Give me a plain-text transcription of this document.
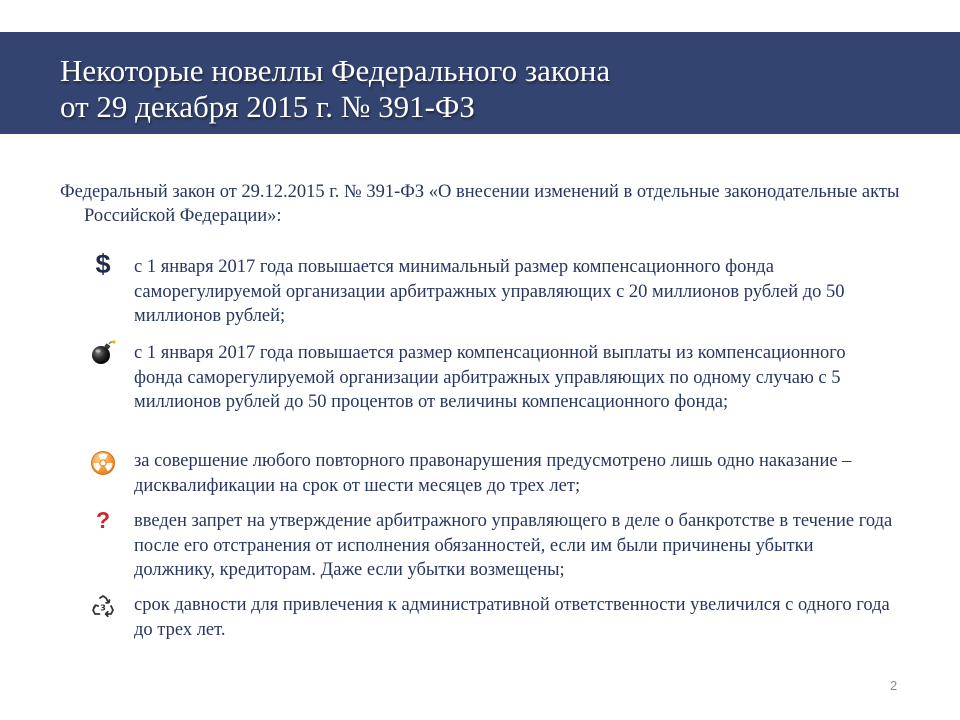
Некоторые новеллы Федерального закона
от 29 декабря 2015 г. № 391-ФЗ
Федеральный закон от 29.12.2015 г. № 391-ФЗ «О внесении изменений в отдельные законодательные акты Российской Федерации»:
$ с 1 января 2017 года повышается минимальный размер компенсационного фонда саморегулируемой организации арбитражных управляющих с 20 миллионов рублей до 50 миллионов рублей;
с 1 января 2017 года повышается размер компенсационной выплаты из компенсационного фонда саморегулируемой организации арбитражных управляющих по одному случаю с 5 миллионов рублей до 50 процентов от величины компенсационного фонда;
за совершение любого повторного правонарушения предусмотрено лишь одно наказание – дисквалификации на срок от шести месяцев до трех лет;
?	введен запрет на утверждение арбитражного управляющего в деле о банкротстве в течение года после его отстранения от исполнения обязанностей, если им были причинены убытки должнику, кредиторам. Даже если убытки возмещены;
3 срок давности для привлечения к административной ответственности увеличился с одного года до трех лет.
2
